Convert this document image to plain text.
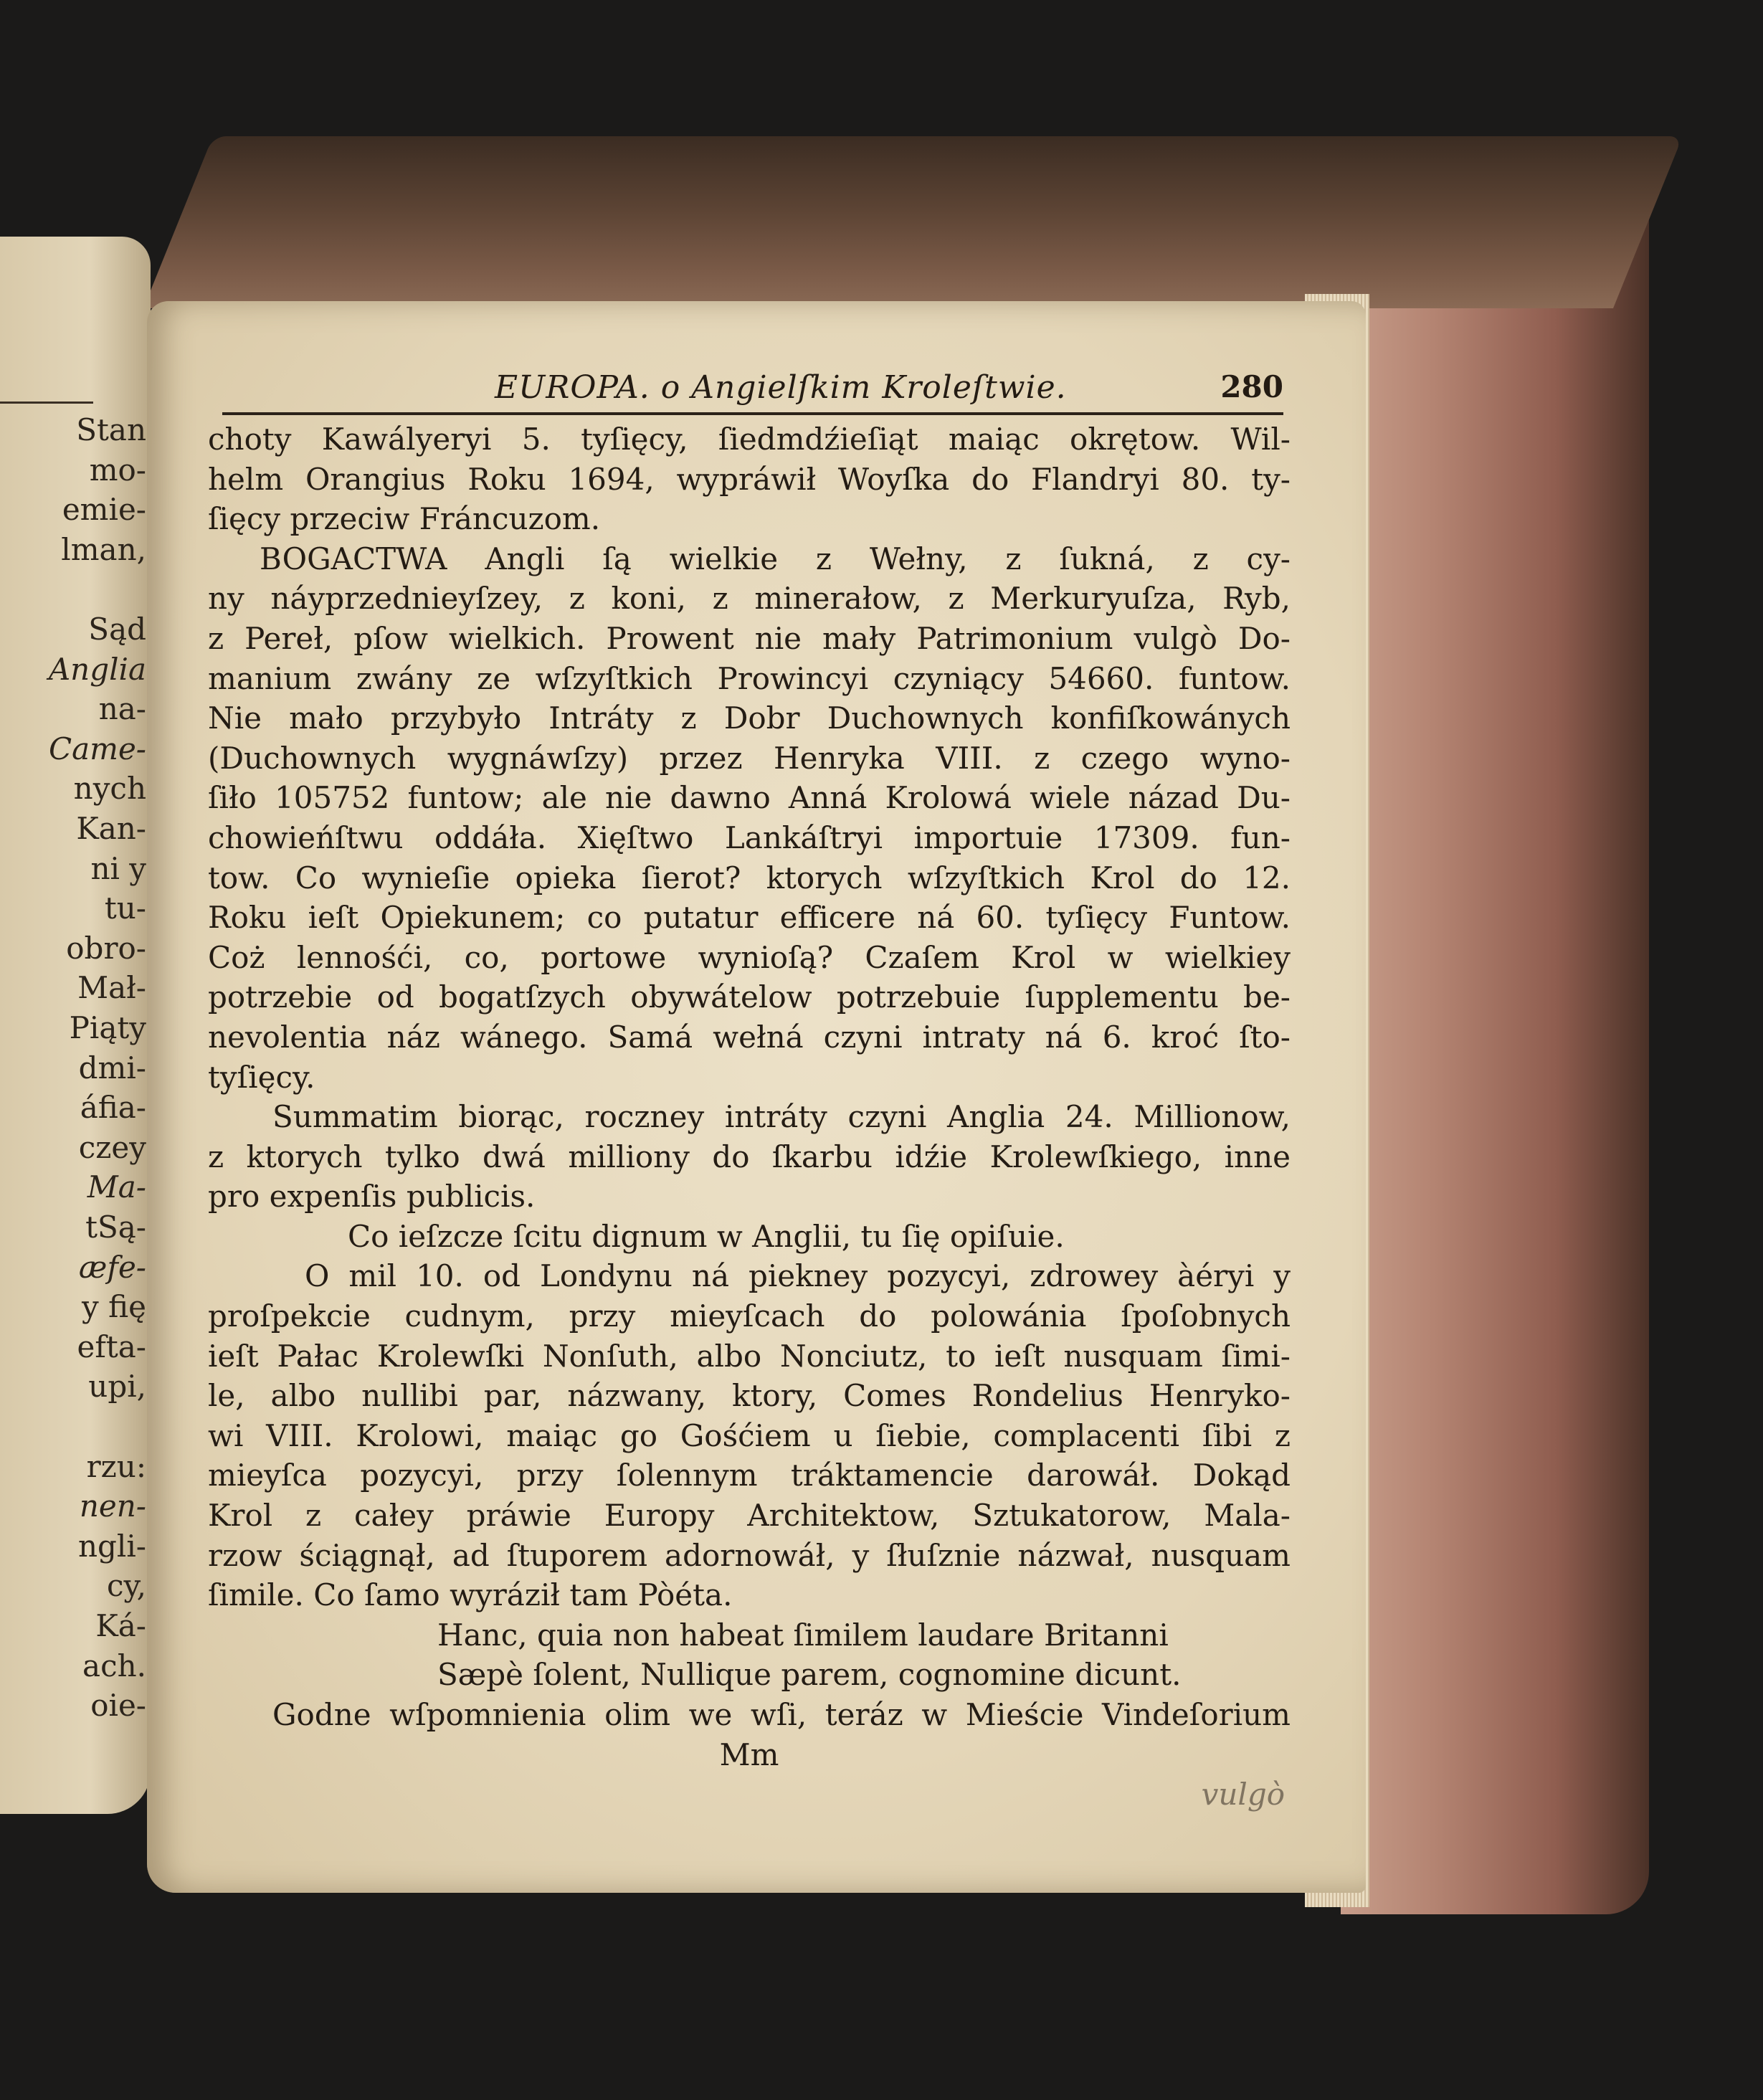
Stan
mo-
emie-
lman,
Sąd
Anglia
na-
Came-
nych
Kan-
ni y
tu-
obro-
Mał-
Piąty
dmi-
áfia-
czey
Ma-
tSą-
æfe-
y fię
efta-
upi,
rzu:
nen-
ngli-
cy,
Ká-
ach.
oie-
EUROPA. o Angielſkim Kroleſtwie.	280
choty Kawályeryi 5. tyſięcy, ſiedmdźieſiąt maiąc okrętow. Wil-
helm Orangius Roku 1694, wypráwił Woyſka do Flandryi 80. ty-
ſięcy przeciw Fráncuzom.
BOGACTWA Angli ſą wielkie z Wełny, z ſukná, z cy-
ny náyprzednieyſzey, z koni, z minerałow, z Merkuryuſza, Ryb,
z Pereł, pſow wielkich. Prowent nie mały Patrimonium vulgò Do-
manium zwány ze wſzyſtkich Prowincyi czyniący 54660. funtow.
Nie mało przybyło Intráty z Dobr Duchownych konfiſkowánych
(Duchownych wygnáwſzy) przez Henryka VIII. z czego wyno-
ſiło 105752 funtow; ale nie dawno Anná Krolowá wiele názad Du-
chowieńſtwu oddáła. Xięſtwo Lankáſtryi importuie 17309. fun-
tow. Co wynieſie opieka ſierot? ktorych wſzyſtkich Krol do 12.
Roku ieſt Opiekunem; co putatur efficere ná 60. tyſięcy Funtow.
Coż lennośći, co, portowe wynioſą? Czaſem Krol w wielkiey
potrzebie od bogatſzych obywátelow potrzebuie ſupplementu be-
nevolentia náz wánego. Samá wełná czyni intraty ná 6. kroć ſto-
tyſięcy.
Summatim biorąc, roczney intráty czyni Anglia 24. Millionow,
z ktorych tylko dwá milliony do ſkarbu idźie Krolewſkiego, inne
pro expenſis publicis.
Co ieſzcze ſcitu dignum w Anglii, tu ſię opiſuie.
O mil 10. od Londynu ná piekney pozycyi, zdrowey àéryi y
proſpekcie cudnym, przy mieyſcach do polowánia ſpoſobnych
ieſt Pałac Krolewſki Nonſuth, albo Nonciutz, to ieſt nusquam ſimi-
le, albo nullibi par, názwany, ktory, Comes Rondelius Henryko-
wi VIII. Krolowi, maiąc go Gośćiem u ſiebie, complacenti ſibi z
mieyſca pozycyi, przy ſolennym tráktamencie darowáł. Dokąd
Krol z całey práwie Europy Architektow, Sztukatorow, Mala-
rzow ściągnął, ad ſtuporem adornowáł, y ſłuſznie názwał, nusquam
ſimile. Co ſamo wyráził tam Pòéta.
Hanc, quia non habeat ſimilem laudare Britanni
Sæpè ſolent, Nullique parem, cognomine dicunt.
Godne wſpomnienia olim we wſi, teráz w Mieście Vindeſorium
Mm
vulgò
